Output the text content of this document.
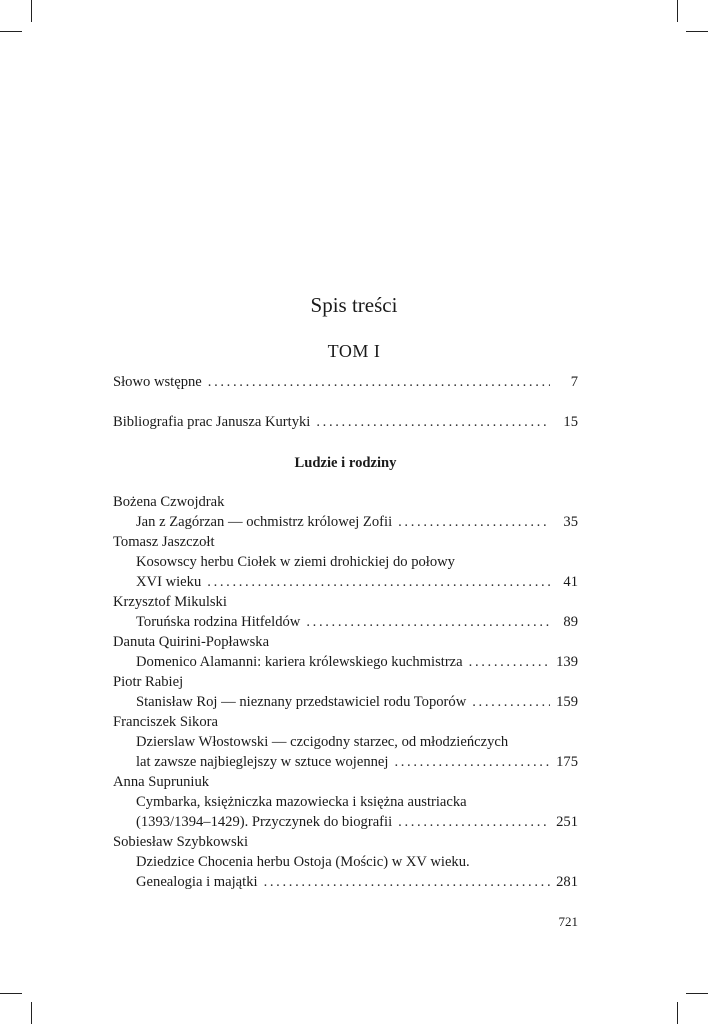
Spis treści
TOM I
Słowo wstępne . . .	7
Bibliografia prac Janusza Kurtyki . . .	15
Ludzie i rodziny
Bożena Czwojdrak
Jan z Zagórzan — ochmistrz królowej Zofii . . .	35
Tomasz Jaszczołt
Kosowscy herbu Ciołek w ziemi drohickiej do połowy
XVI wieku . . .	41
Krzysztof Mikulski
Toruńska rodzina Hitfeldów . . .	89
Danuta Quirini-Popławska
Domenico Alamanni: kariera królewskiego kuchmistrza . . .	139
Piotr Rabiej
Stanisław Roj — nieznany przedstawiciel rodu Toporów . . .	159
Franciszek Sikora
Dzierslaw Włostowski — czcigodny starzec, od młodzieńczych
lat zawsze najbieglejszy w sztuce wojennej . . .	175
Anna Supruniuk
Cymbarka, księżniczka mazowiecka i księżna austriacka
(1393/1394–1429). Przyczynek do biografii . . .	251
Sobiesław Szybkowski
Dziedzice Chocenia herbu Ostoja (Mościc) w XV wieku.
Genealogia i majątki . . .	281
721
